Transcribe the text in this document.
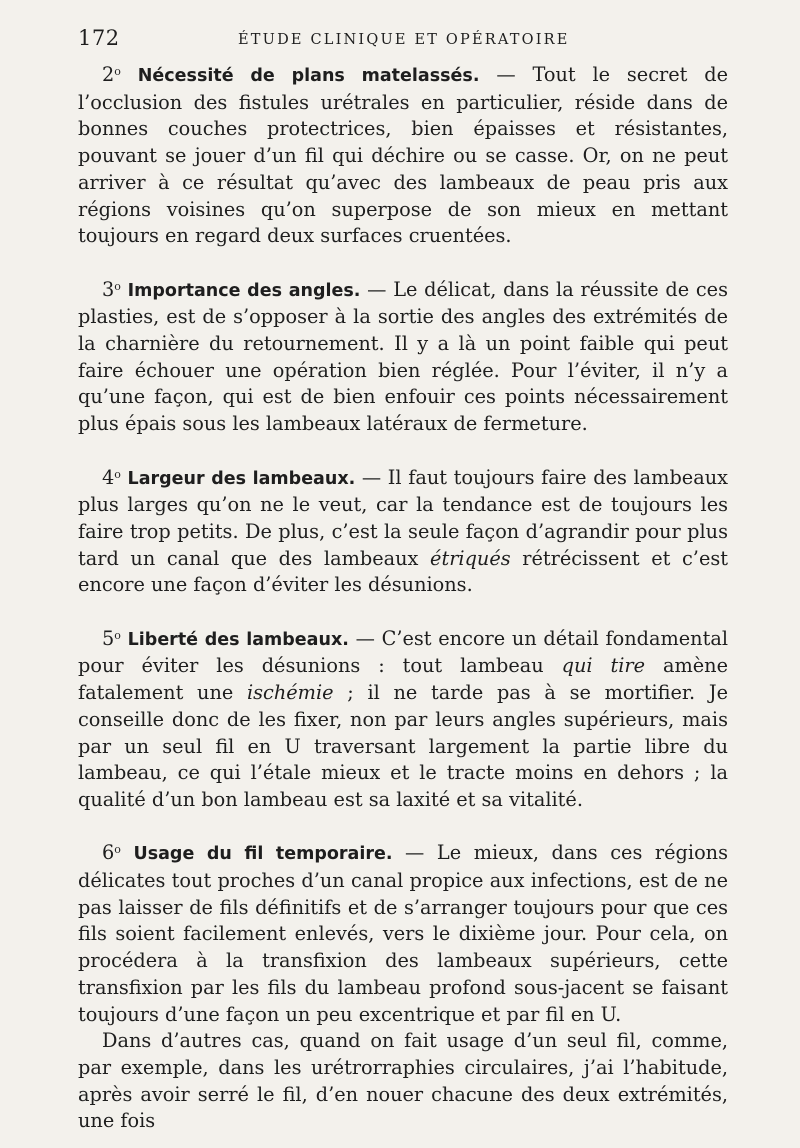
172	ÉTUDE CLINIQUE ET OPÉRATOIRE

2$^o$ Nécessité de plans matelassés. — Tout le secret de l’occlusion des fistules urétrales en particulier, réside dans de bonnes couches protectrices, bien épaisses et résistantes, pouvant se jouer d’un fil qui déchire ou se casse. Or, on ne peut arriver à ce résultat qu’avec des lambeaux de peau pris aux régions voisines qu’on superpose de son mieux en mettant toujours en regard deux surfaces cruentées.

3$^o$ Importance des angles. — Le délicat, dans la réussite de ces plasties, est de s’opposer à la sortie des angles des extrémités de la charnière du retournement. Il y a là un point faible qui peut faire échouer une opération bien réglée. Pour l’éviter, il n’y a qu’une façon, qui est de bien enfouir ces points nécessairement plus épais sous les lambeaux latéraux de fermeture.

4$^o$ Largeur des lambeaux. — Il faut toujours faire des lambeaux plus larges qu’on ne le veut, car la tendance est de toujours les faire trop petits. De plus, c’est la seule façon d’agrandir pour plus tard un canal que des lambeaux étriqués rétrécissent et c’est encore une façon d’éviter les désunions.

5$^o$ Liberté des lambeaux. — C’est encore un détail fondamental pour éviter les désunions : tout lambeau qui tire amène fatalement une ischémie ; il ne tarde pas à se mortifier. Je conseille donc de les fixer, non par leurs angles supérieurs, mais par un seul fil en U traversant largement la partie libre du lambeau, ce qui l’étale mieux et le tracte moins en dehors ; la qualité d’un bon lambeau est sa laxité et sa vitalité.

6$^o$ Usage du fil temporaire. — Le mieux, dans ces régions délicates tout proches d’un canal propice aux infections, est de ne pas laisser de fils définitifs et de s’arranger toujours pour que ces fils soient facilement enlevés, vers le dixième jour. Pour cela, on procédera à la transfixion des lambeaux supérieurs, cette transfixion par les fils du lambeau profond sous-jacent se faisant toujours d’une façon un peu excentrique et par fil en U.

Dans d’autres cas, quand on fait usage d’un seul fil, comme, par exemple, dans les urétrorraphies circulaires, j’ai l’habitude, après avoir serré le fil, d’en nouer chacune des deux extrémités, une fois
